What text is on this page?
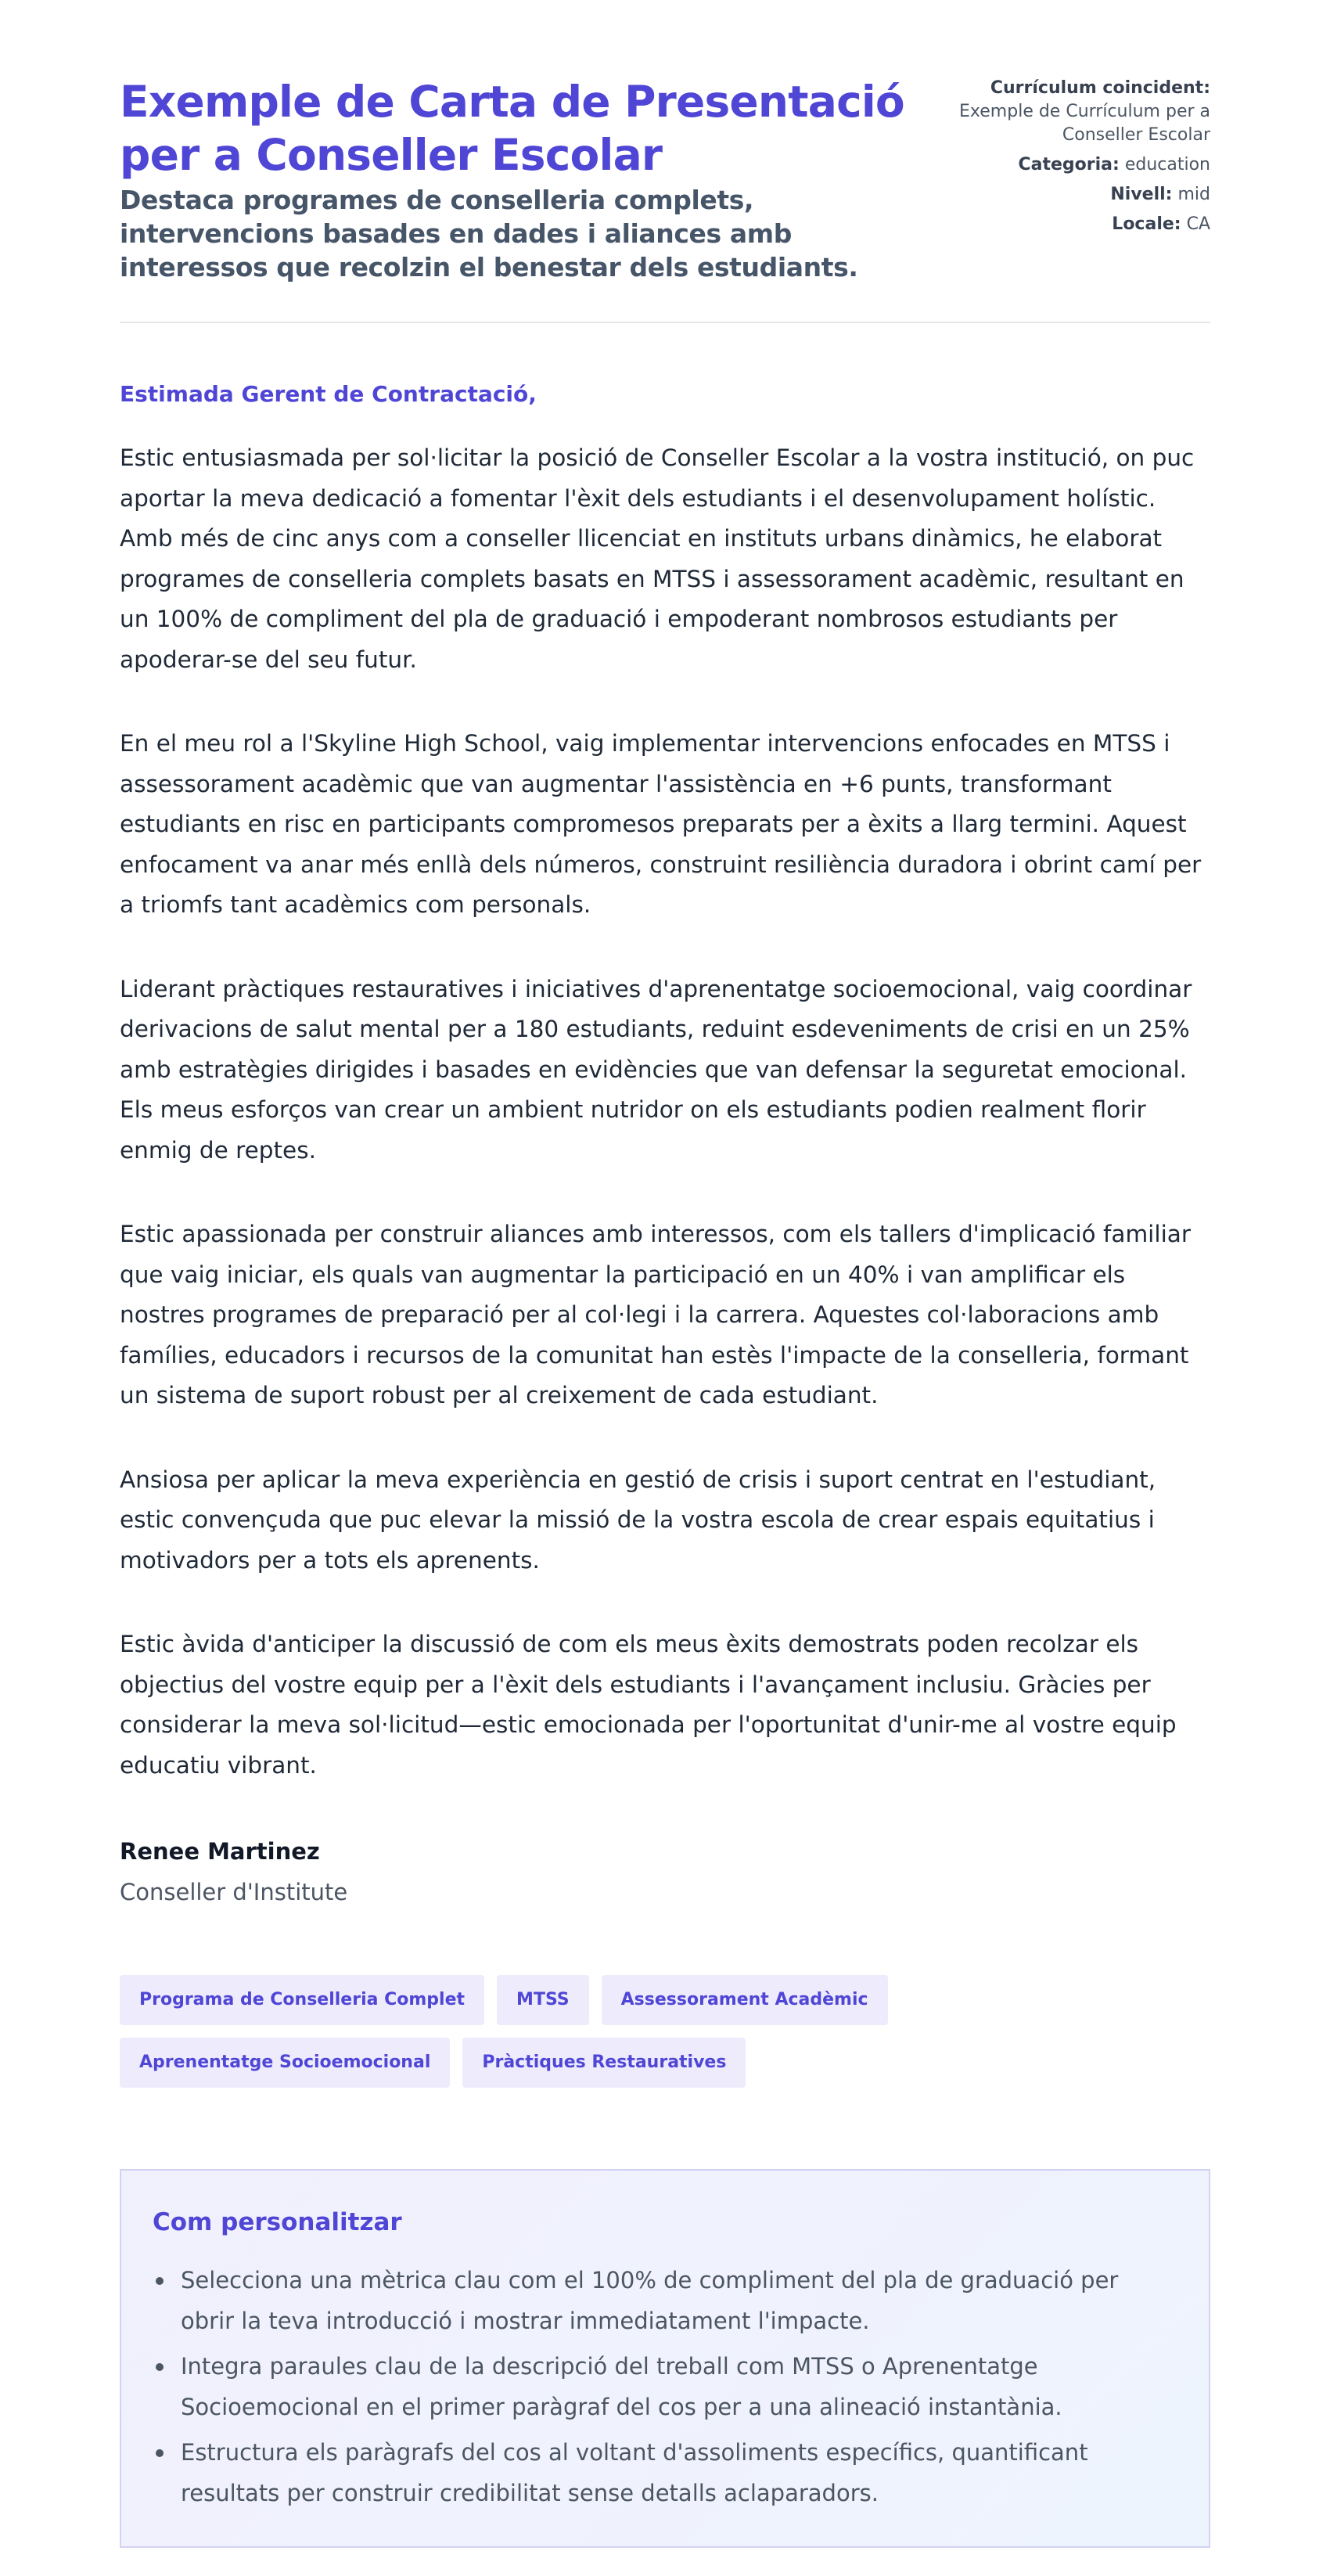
Exemple de Carta de Presentació per a Conseller Escolar
Destaca programes de conselleria complets, intervencions basades en dades i aliances amb interessos que recolzin el benestar dels estudiants.
Currículum coincident:
Exemple de Currículum per a Conseller Escolar
Categoria: education
Nivell: mid
Locale: CA
Estimada Gerent de Contractació,

Estic entusiasmada per sol·licitar la posició de Conseller Escolar a la vostra institució, on puc aportar la meva dedicació a fomentar l'èxit dels estudiants i el desenvolupament holístic. Amb més de cinc anys com a conseller llicenciat en instituts urbans dinàmics, he elaborat programes de conselleria complets basats en MTSS i assessorament acadèmic, resultant en un 100% de compliment del pla de graduació i empoderant nombrosos estudiants per apoderar-se del seu futur.

En el meu rol a l'Skyline High School, vaig implementar intervencions enfocades en MTSS i assessorament acadèmic que van augmentar l'assistència en +6 punts, transformant estudiants en risc en participants compromesos preparats per a èxits a llarg termini. Aquest enfocament va anar més enllà dels números, construint resiliència duradora i obrint camí per a triomfs tant acadèmics com personals.

Liderant pràctiques restauratives i iniciatives d'aprenentatge socioemocional, vaig coordinar derivacions de salut mental per a 180 estudiants, reduint esdeveniments de crisi en un 25% amb estratègies dirigides i basades en evidències que van defensar la seguretat emocional. Els meus esforços van crear un ambient nutridor on els estudiants podien realment florir enmig de reptes.

Estic apassionada per construir aliances amb interessos, com els tallers d'implicació familiar que vaig iniciar, els quals van augmentar la participació en un 40% i van amplificar els nostres programes de preparació per al col·legi i la carrera. Aquestes col·laboracions amb famílies, educadors i recursos de la comunitat han estès l'impacte de la conselleria, formant un sistema de suport robust per al creixement de cada estudiant.

Ansiosa per aplicar la meva experiència en gestió de crisis i suport centrat en l'estudiant, estic convençuda que puc elevar la missió de la vostra escola de crear espais equitatius i motivadors per a tots els aprenents.

Estic àvida d'anticiper la discussió de com els meus èxits demostrats poden recolzar els objectius del vostre equip per a l'èxit dels estudiants i l'avançament inclusiu. Gràcies per considerar la meva sol·licitud—estic emocionada per l'oportunitat d'unir-me al vostre equip educatiu vibrant.

Renee Martinez
Conseller d'Institute
Programa de Conselleria Complet	MTSS	Assessorament Acadèmic
Aprenentatge Socioemocional	Pràctiques Restauratives
Com personalitzar
Selecciona una mètrica clau com el 100% de compliment del pla de graduació per obrir la teva introducció i mostrar immediatament l'impacte.
Integra paraules clau de la descripció del treball com MTSS o Aprenentatge Socioemocional en el primer paràgraf del cos per a una alineació instantània.
Estructura els paràgrafs del cos al voltant d'assoliments específics, quantificant resultats per construir credibilitat sense detalls aclaparadors.
